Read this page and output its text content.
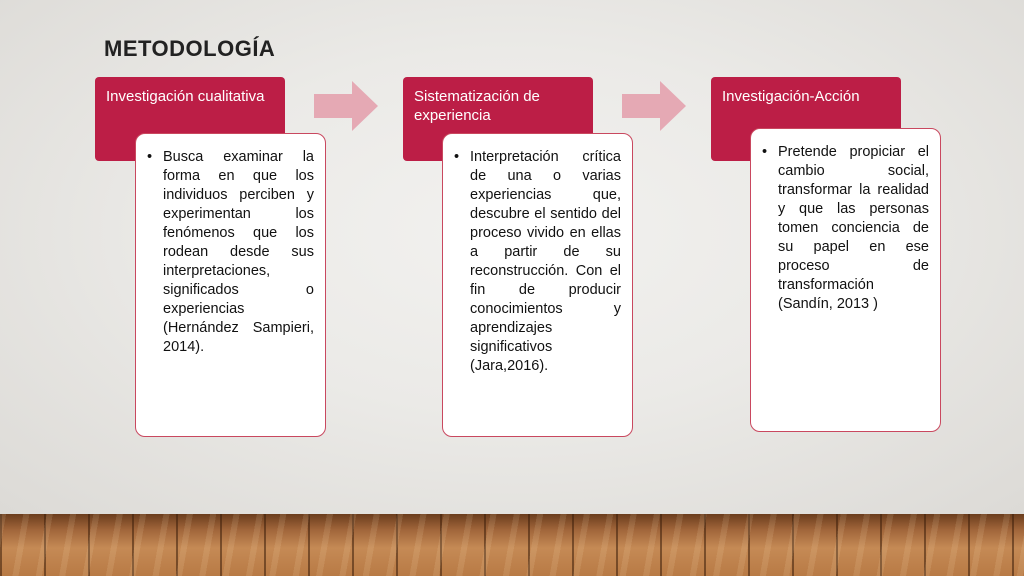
METODOLOGÍA
Investigación cualitativa
• Busca examinar la forma en que los individuos perciben y experimentan los fenómenos que los rodean desde sus interpretaciones, significados o experiencias (Hernández Sampieri, 2014).
Sistematización de experiencia
• Interpretación crítica de una o varias experiencias que, descubre el sentido del proceso vivido en ellas a partir de su reconstrucción. Con el fin de producir conocimientos y aprendizajes significativos (Jara,2016).
Investigación-Acción
• Pretende propiciar el cambio social, transformar la realidad y que las personas tomen conciencia de su papel en ese proceso de transformación (Sandín, 2013 )
